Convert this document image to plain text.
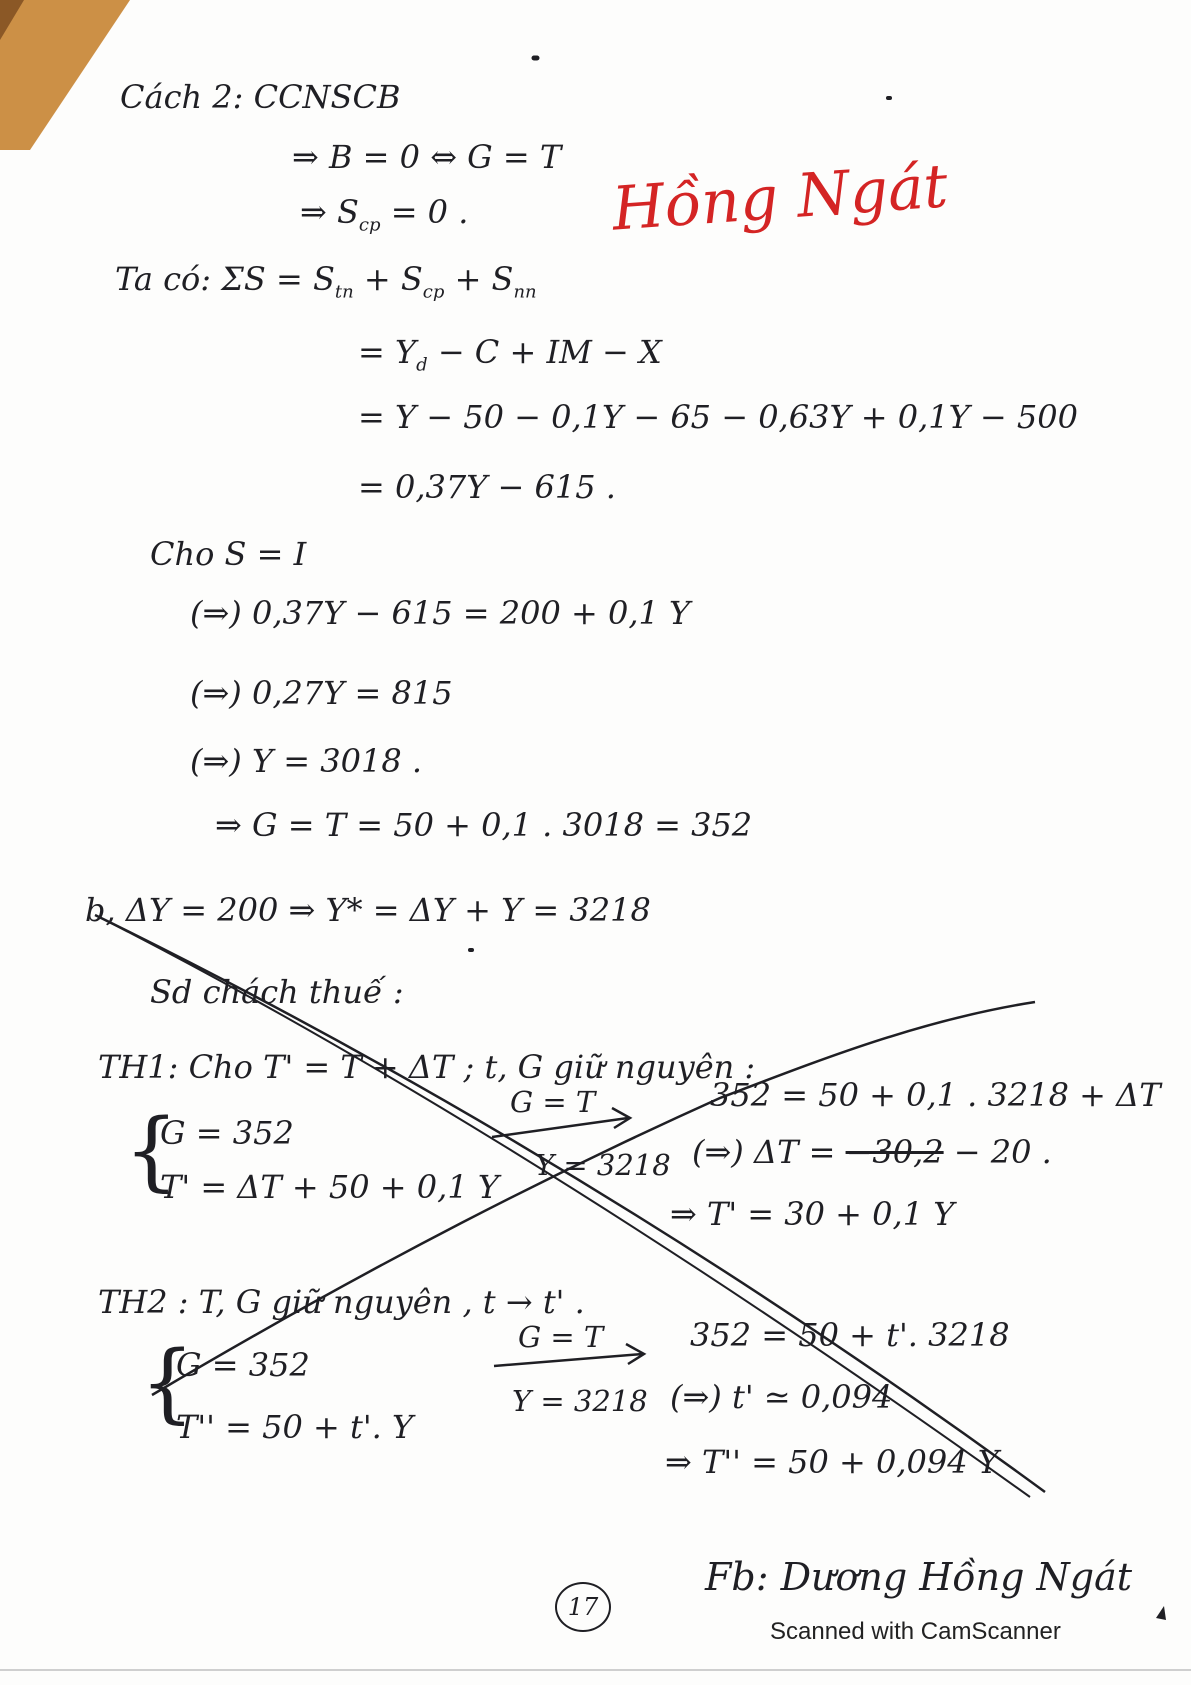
Cách 2: CCNSCB
⇒ B = 0 ⇔ G = T
⇒ $S_{cp} = 0$ . Hồng Ngát
Ta có: $\Sigma S = S_{tn} + S_{cp} + S_{nn}$
= $Y_d - C$ + IM − X
= Y − 50 − 0,1Y − 65 − 0,63Y + 0,1Y − 500
= 0,37Y − 615 .
Cho S = I
(⇒) 0,37Y − 615 = 200 + 0,1 Y
(⇒) 0,27Y = 815
(⇒) Y = 3018 .
⇒ G = T = 50 + 0,1 . 3018 = 352
b, ΔY = 200 ⇒ Y* = ΔY + Y = 3218
Sd chách thuế :
TH1: Cho T' = T + ΔT ; t, G giữ nguyên :
{
G = 352
T' = ΔT + 50 + 0,1 Y
G = T
Y = 3218
352 = 50 + 0,1 . 3218 + ΔT
(⇒) ΔT = −30,2 − 20 .
⇒ T' = 30 + 0,1 Y
TH2 : T, G giữ nguyên , t → t' .
{
G = 352
T'' = 50 + t'. Y
G = T
Y = 3218
352 = 50 + t'. 3218
(⇒) t' ≃ 0,094
⇒ T'' = 50 + 0,094 Y
17
Fb: Dương Hồng Ngát
Scanned with CamScanner
